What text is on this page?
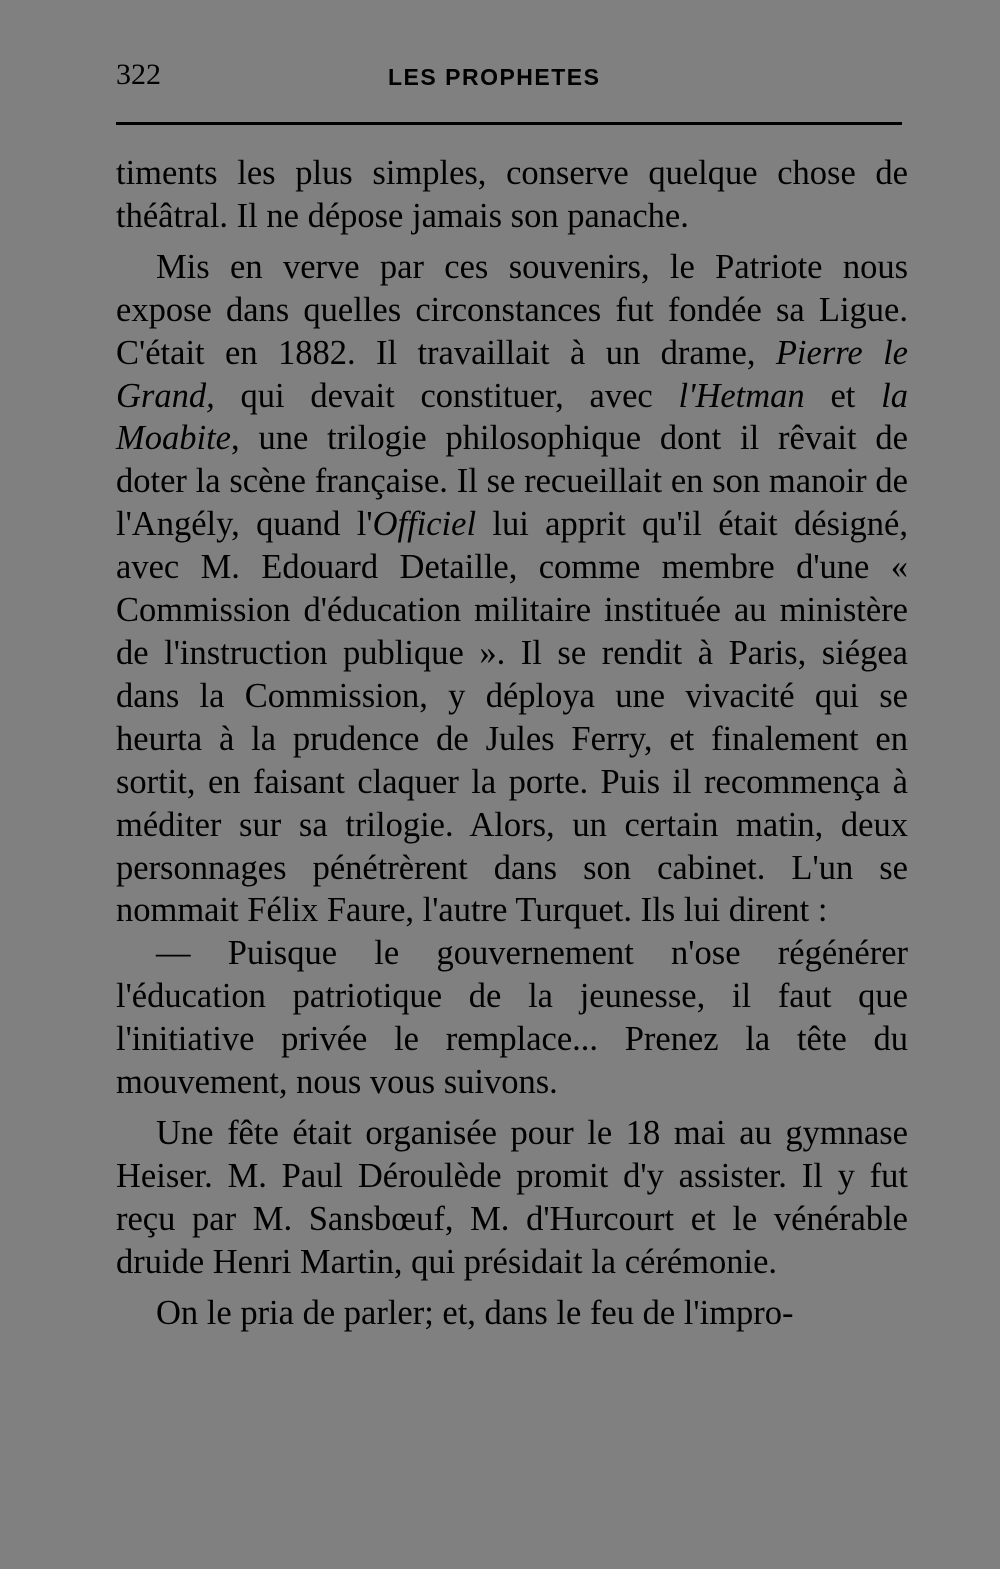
322	LES PROPHETES

timents les plus simples, conserve quelque chose de théâtral. Il ne dépose jamais son panache.

Mis en verve par ces souvenirs, le Patriote nous expose dans quelles circonstances fut fondée sa Ligue. C'était en 1882. Il travaillait à un drame, Pierre le Grand, qui devait constituer, avec l'Hetman et la Moabite, une trilogie philosophique dont il rêvait de doter la scène française. Il se recueillait en son manoir de l'Angély, quand l'Officiel lui apprit qu'il était désigné, avec M. Edouard Detaille, comme membre d'une « Commission d'éducation militaire instituée au ministère de l'instruction publique ». Il se rendit à Paris, siégea dans la Commission, y déploya une vivacité qui se heurta à la prudence de Jules Ferry, et finalement en sortit, en faisant claquer la porte. Puis il recommença à méditer sur sa trilogie. Alors, un certain matin, deux personnages pénétrèrent dans son cabinet. L'un se nommait Félix Faure, l'autre Turquet. Ils lui dirent :

— Puisque le gouvernement n'ose régénérer l'éducation patriotique de la jeunesse, il faut que l'initiative privée le remplace... Prenez la tête du mouvement, nous vous suivons.

Une fête était organisée pour le 18 mai au gymnase Heiser. M. Paul Déroulède promit d'y assister. Il y fut reçu par M. Sansbœuf, M. d'Hurcourt et le vénérable druide Henri Martin, qui présidait la cérémonie.

On le pria de parler; et, dans le feu de l'impro-
